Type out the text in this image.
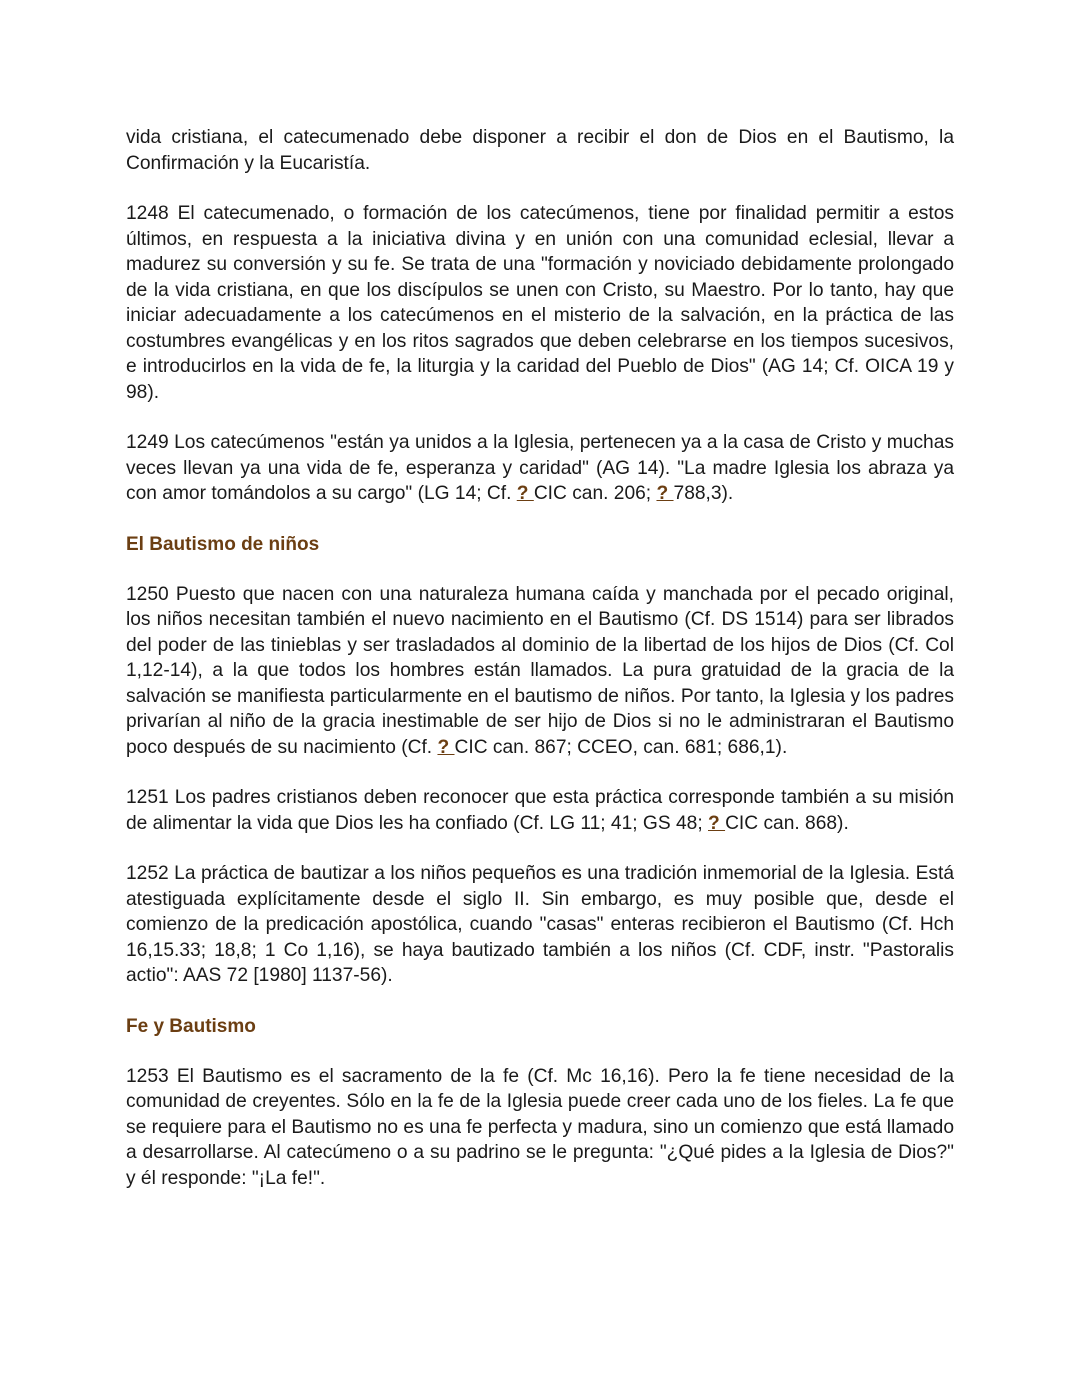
vida cristiana, el catecumenado debe disponer a recibir el don de Dios en el Bautismo, la Confirmación y la Eucaristía.

1248 El catecumenado, o formación de los catecúmenos, tiene por finalidad permitir a estos últimos, en respuesta a la iniciativa divina y en unión con una comunidad eclesial, llevar a madurez su conversión y su fe. Se trata de una "formación y noviciado debidamente prolongado de la vida cristiana, en que los discípulos se unen con Cristo, su Maestro. Por lo tanto, hay que iniciar adecuadamente a los catecúmenos en el misterio de la salvación, en la práctica de las costumbres evangélicas y en los ritos sagrados que deben celebrarse en los tiempos sucesivos, e introducirlos en la vida de fe, la liturgia y la caridad del Pueblo de Dios" (AG 14; Cf. OICA 19 y 98).

1249 Los catecúmenos "están ya unidos a la Iglesia, pertenecen ya a la casa de Cristo y muchas veces llevan ya una vida de fe, esperanza y caridad" (AG 14). "La madre Iglesia los abraza ya con amor tomándolos a su cargo" (LG 14; Cf. ? CIC can. 206; ? 788,3).

El Bautismo de niños

1250 Puesto que nacen con una naturaleza humana caída y manchada por el pecado original, los niños necesitan también el nuevo nacimiento en el Bautismo (Cf. DS 1514) para ser librados del poder de las tinieblas y ser trasladados al dominio de la libertad de los hijos de Dios (Cf. Col 1,12-14), a la que todos los hombres están llamados. La pura gratuidad de la gracia de la salvación se manifiesta particularmente en el bautismo de niños. Por tanto, la Iglesia y los padres privarían al niño de la gracia inestimable de ser hijo de Dios si no le administraran el Bautismo poco después de su nacimiento (Cf. ? CIC can. 867; CCEO, can. 681; 686,1).

1251 Los padres cristianos deben reconocer que esta práctica corresponde también a su misión de alimentar la vida que Dios les ha confiado (Cf. LG 11; 41; GS 48; ? CIC can. 868).

1252 La práctica de bautizar a los niños pequeños es una tradición inmemorial de la Iglesia. Está atestiguada explícitamente desde el siglo II. Sin embargo, es muy posible que, desde el comienzo de la predicación apostólica, cuando "casas" enteras recibieron el Bautismo (Cf. Hch 16,15.33; 18,8; 1 Co 1,16), se haya bautizado también a los niños (Cf. CDF, instr. "Pastoralis actio": AAS 72 [1980] 1137-56).

Fe y Bautismo

1253 El Bautismo es el sacramento de la fe (Cf. Mc 16,16). Pero la fe tiene necesidad de la comunidad de creyentes. Sólo en la fe de la Iglesia puede creer cada uno de los fieles. La fe que se requiere para el Bautismo no es una fe perfecta y madura, sino un comienzo que está llamado a desarrollarse. Al catecúmeno o a su padrino se le pregunta: "¿Qué pides a la Iglesia de Dios?" y él responde: "¡La fe!".
